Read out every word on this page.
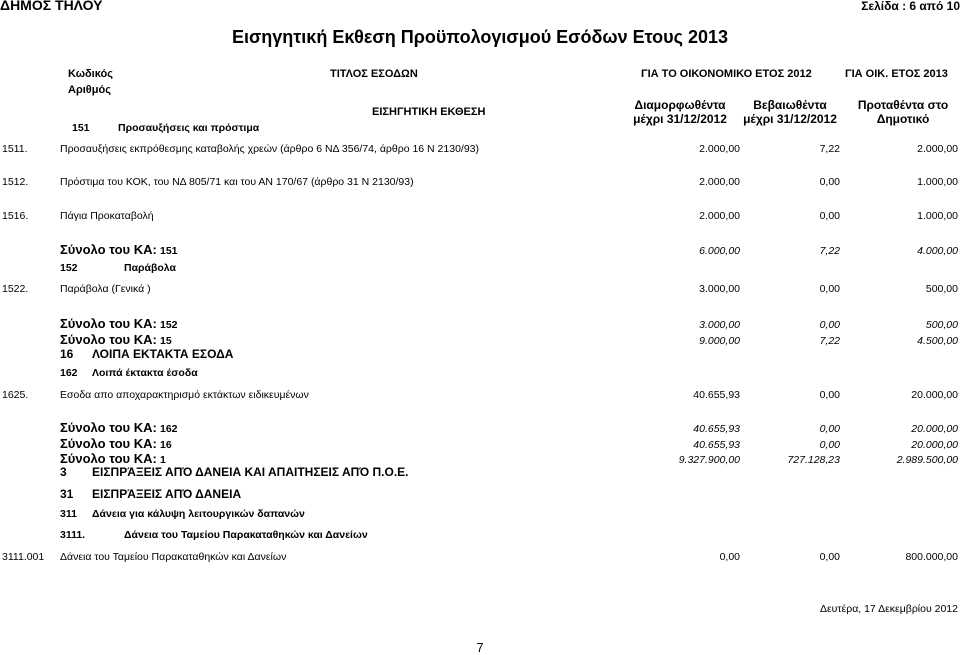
ΔΗΜΟΣ ΤΗΛΟΥ	Σελίδα : 6 από 10
Εισηγητική Εκθεση Προϋπολογισμού Εσόδων Ετους 2013
Κωδικός
Αριθμός
ΤΙΤΛΟΣ ΕΣΟΔΩΝ	ΓΙΑ ΤΟ ΟΙΚΟΝΟΜΙΚΟ ΕΤΟΣ 2012	ΓΙΑ ΟΙΚ. ΕΤΟΣ 2013
ΕΙΣΗΓΗΤΙΚΗ ΕΚΘΕΣΗ	Διαμορφωθέντα
μέχρι 31/12/2012
Βεβαιωθέντα
μέχρι 31/12/2012
Προταθέντα στο
Δημοτικό
151	Προσαυξήσεις και πρόστιμα
1511.	Προσαυξήσεις εκπρόθεσμης καταβολής χρεών (άρθρο 6 ΝΔ 356/74, άρθρο 16 Ν 2130/93)	2.000,00	7,22	2.000,00
1512.	Πρόστιμα του ΚΟΚ, του ΝΔ 805/71 και του ΑΝ 170/67 (άρθρο 31 Ν 2130/93)	2.000,00	0,00	1.000,00
1516.	Πάγια Προκαταβολή	2.000,00	0,00	1.000,00
Σύνολο του ΚΑ: 151	6.000,00	7,22	4.000,00
152	Παράβολα
1522.	Παράβολα (Γενικά )	3.000,00	0,00	500,00
Σύνολο του ΚΑ: 152	3.000,00	0,00	500,00
Σύνολο του ΚΑ: 15	9.000,00	7,22	4.500,00
16 ΛΟΙΠΑ ΕΚΤΑΚΤΑ ΕΣΟΔΑ
162 Λοιπά έκτακτα έσοδα
1625.	Εσοδα απο αποχαρακτηρισμό εκτάκτων ειδικευμένων	40.655,93	0,00	20.000,00
Σύνολο του ΚΑ: 162	40.655,93	0,00	20.000,00
Σύνολο του ΚΑ: 16	40.655,93	0,00	20.000,00
Σύνολο του ΚΑ: 1	9.327.900,00	727.128,23	2.989.500,00
3 ΕΙΣΠΡΆΞΕΙΣ ΑΠΌ ΔΑΝΕΙΑ ΚΑΙ ΑΠΑΙΤΗΣΕΙΣ ΑΠΌ Π.Ο.Ε.
31 ΕΙΣΠΡΆΞΕΙΣ ΑΠΌ ΔΑΝΕΙΑ
311 Δάνεια για κάλυψη λειτουργικών δαπανών
3111.	Δάνεια του Ταμείου Παρακαταθηκών και Δανείων
3111.001 Δάνεια του Ταμείου Παρακαταθηκών και Δανείων	0,00	0,00	800.000,00
Δευτέρα, 17 Δεκεμβρίου 2012
7
